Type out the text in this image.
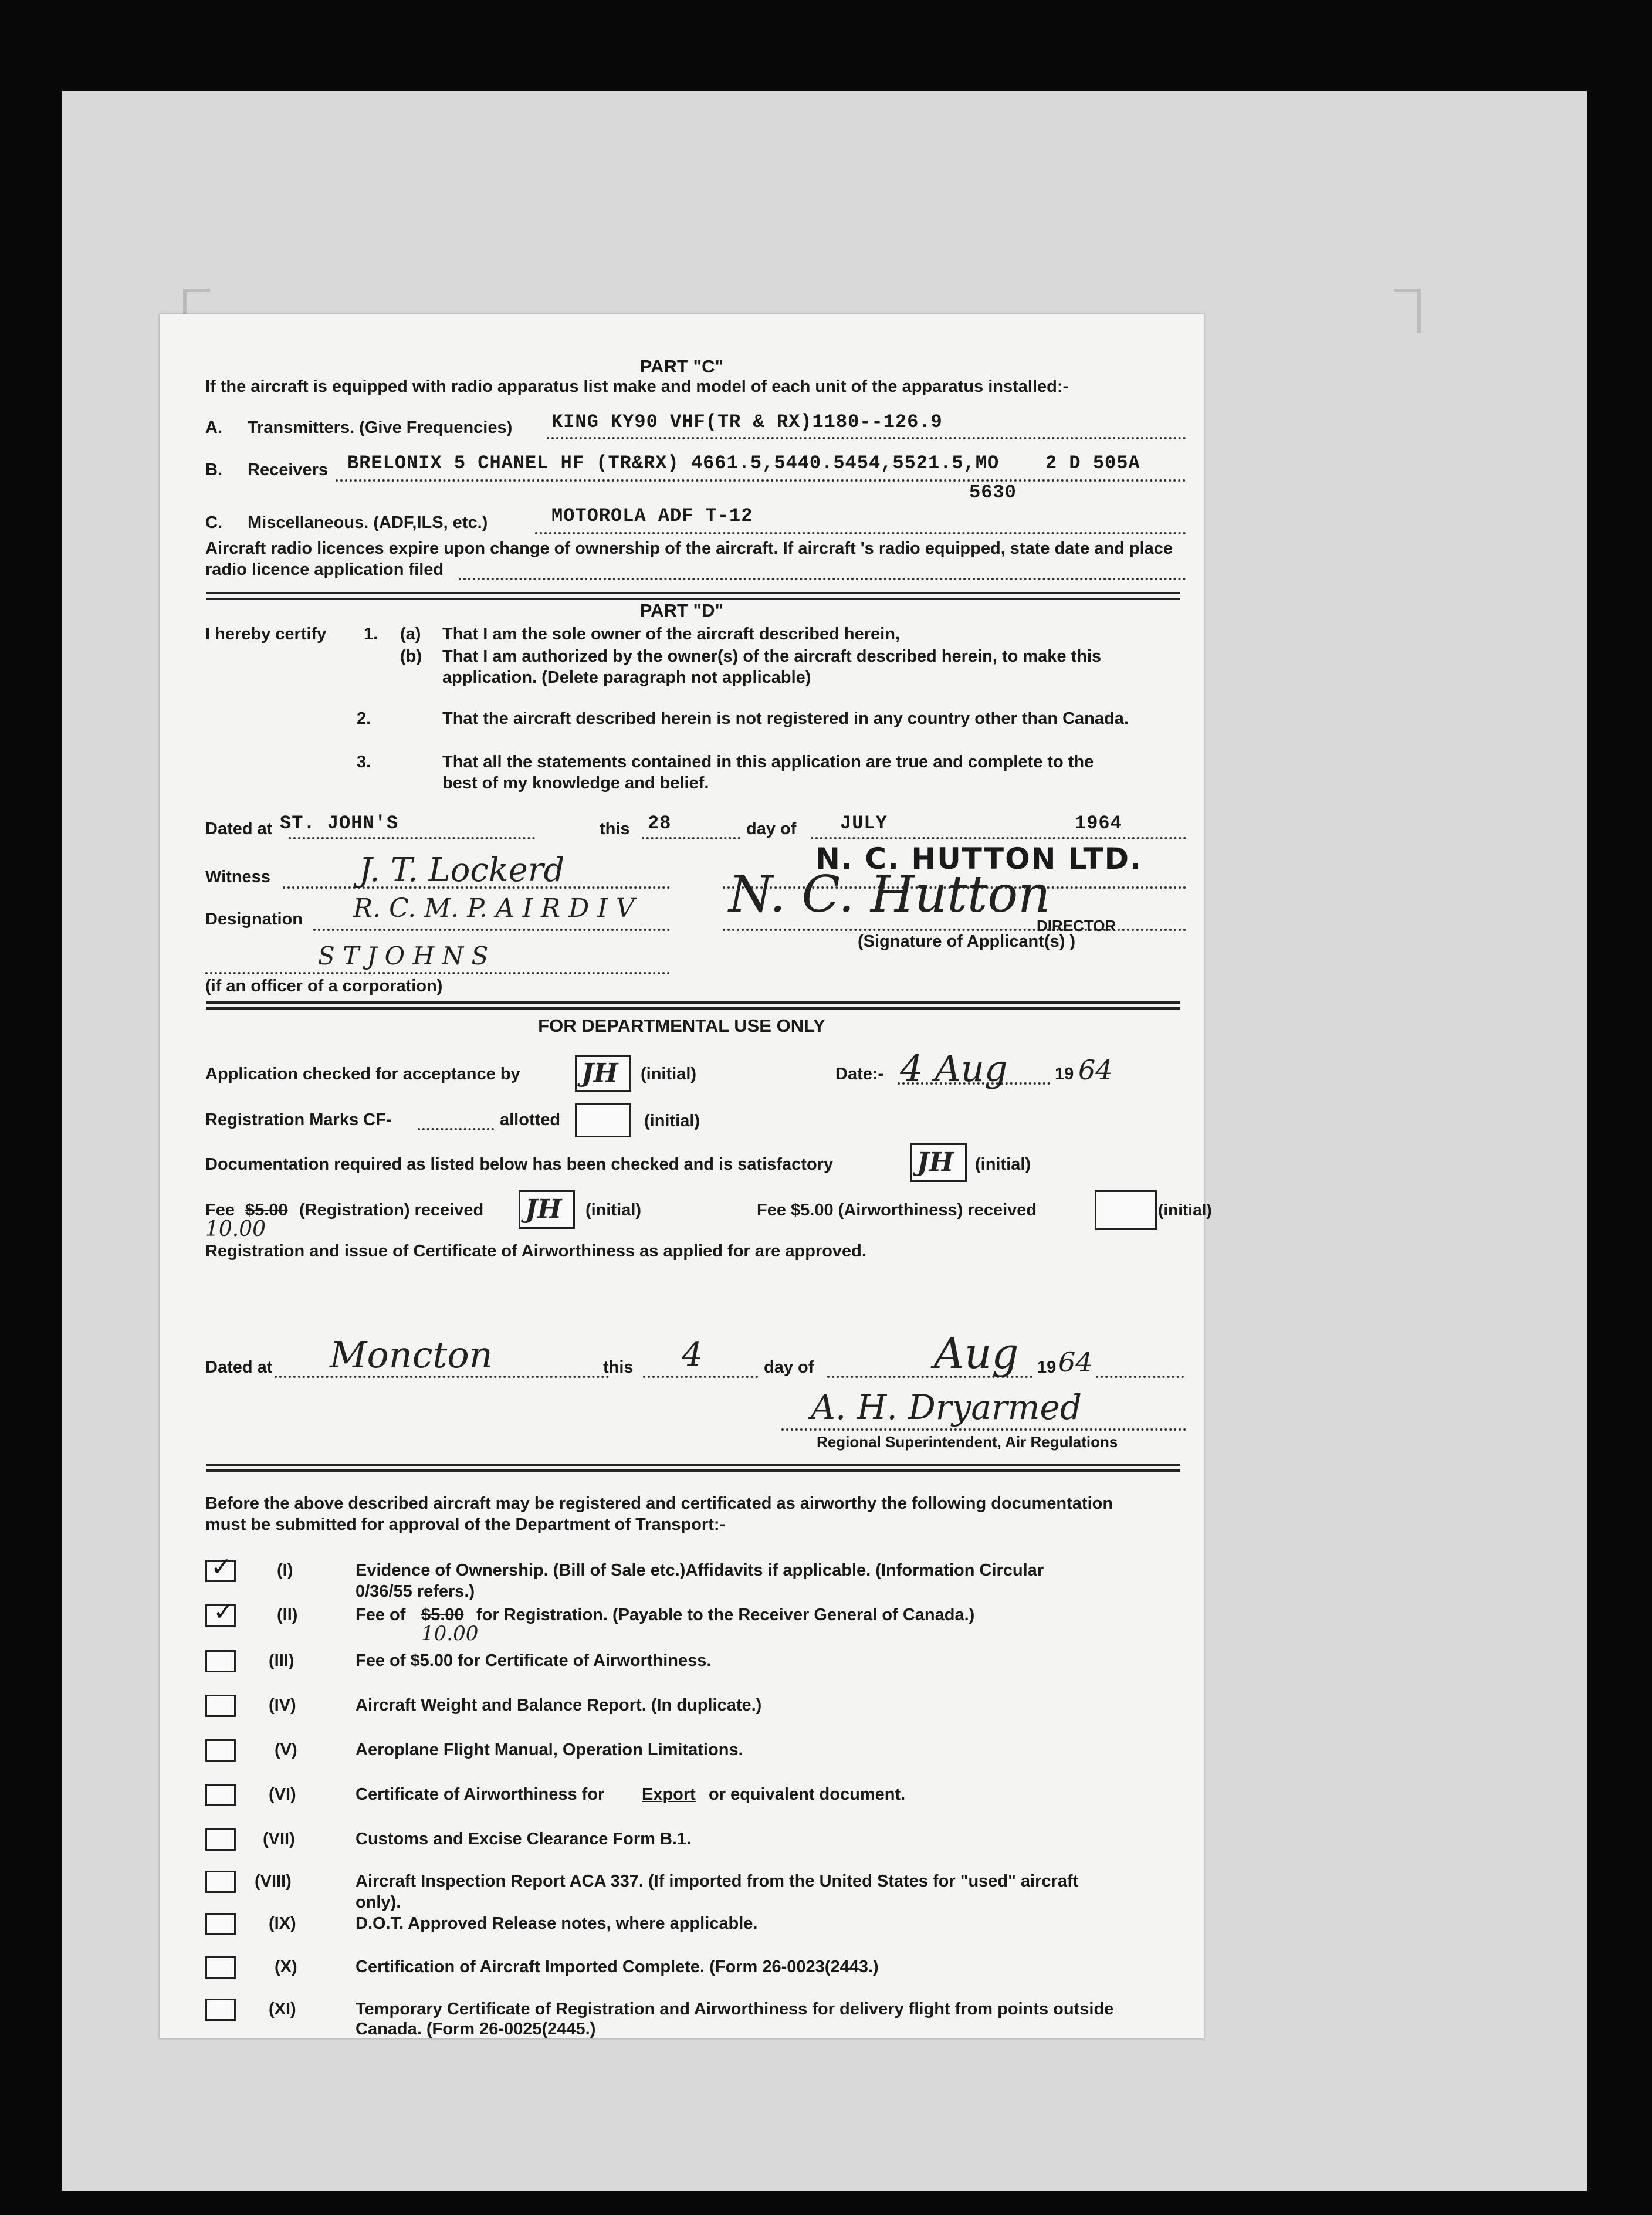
PART "C"
If the aircraft is equipped with radio apparatus list make and model of each unit of the apparatus installed:-
A. Transmitters. (Give Frequencies) KING KY90 VHF(TR & RX)1180--126.9
B. Receivers BRELONIX 5 CHANEL HF (TR&RX) 4661.5,5440.5454,5521.5,MO 2 D 505A
5630
C. Miscellaneous. (ADF,ILS, etc.)	MOTOROLA ADF T-12
Aircraft radio licences expire upon change of ownership of the aircraft. If aircraft 's radio equipped, state date and place
radio licence application filed
PART "D"
I hereby certify 1. (a) That I am the sole owner of the aircraft described herein,
(b) That I am authorized by the owner(s) of the aircraft described herein, to make this
application. (Delete paragraph not applicable)
2.	That the aircraft described herein is not registered in any country other than Canada.
3.	That all the statements contained in this application are true and complete to the
best of my knowledge and belief.
Dated at ST. JOHN'S	this 28	day of JULY	1964
N. C. HUTTON LTD.
Witness	J. T. Lockerd
Designation R. C. M. P. A I R D I V N. C. Hutton
DIRECTOR
(Signature of Applicant(s) )
S T J O H N S
(if an officer of a corporation)
FOR DEPARTMENTAL USE ONLY
Application checked for acceptance by JH (initial)	Date:- 4 Aug	19 64
Registration Marks CF-	allotted	(initial)
Documentation required as listed below has been checked and is satisfactory	JH (initial)
Fee $5.00
10.00
(Registration) received JH (initial)	Fee $5.00 (Airworthiness) received	(initial)
Registration and issue of Certificate of Airworthiness as applied for are approved.
Dated at Moncton	this 4	day of	Aug 19 64
A. H. Dryarmed
Regional Superintendent, Air Regulations
Before the above described aircraft may be registered and certificated as airworthy the following documentation
must be submitted for approval of the Department of Transport:-
✓	(I)	Evidence of Ownership. (Bill of Sale etc.)Affidavits if applicable. (Information Circular
0/36/55 refers.)
✓ (II)	Fee of $5.00
10.00
for Registration. (Payable to the Receiver General of Canada.)
(III)	Fee of $5.00 for Certificate of Airworthiness.
(IV)	Aircraft Weight and Balance Report. (In duplicate.)
(V)	Aeroplane Flight Manual, Operation Limitations.
(VI)	Certificate of Airworthiness for Export or equivalent document.
(VII)	Customs and Excise Clearance Form B.1.
(VIII)	Aircraft Inspection Report ACA 337. (If imported from the United States for "used" aircraft
only).
(IX)	D.O.T. Approved Release notes, where applicable.
(X)	Certification of Aircraft Imported Complete. (Form 26-0023(2443.)
(XI)	Temporary Certificate of Registration and Airworthiness for delivery flight from points outside
Canada. (Form 26-0025(2445.)
